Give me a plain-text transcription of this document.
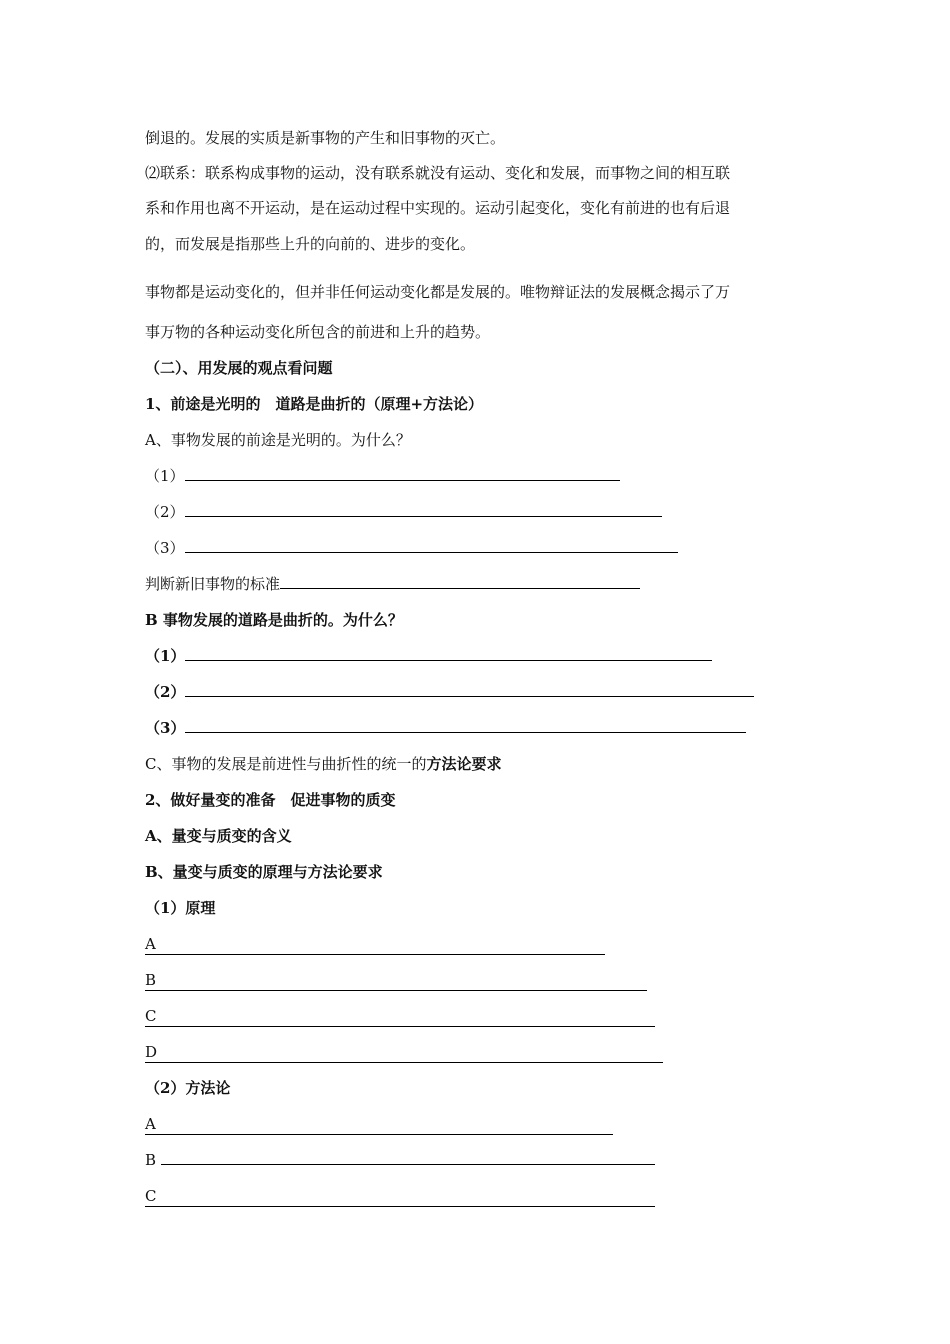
倒退的。发展的实质是新事物的产生和旧事物的灭亡。
⑵联系：联系构成事物的运动，没有联系就没有运动、变化和发展，而事物之间的相互联
系和作用也离不开运动，是在运动过程中实现的。运动引起变化，变化有前进的也有后退
的，而发展是指那些上升的向前的、进步的变化。
事物都是运动变化的，但并非任何运动变化都是发展的。唯物辩证法的发展概念揭示了万
事万物的各种运动变化所包含的前进和上升的趋势。
（二）、用发展的观点看问题
1、前途是光明的　道路是曲折的（原理+方法论）
A、事物发展的前途是光明的。为什么？
（1）
（2）
（3）
判断新旧事物的标准
B 事物发展的道路是曲折的。为什么？
（1）
（2）
（3）
C、事物的发展是前进性与曲折性的统一的方法论要求
2、做好量变的准备　促进事物的质变
A、量变与质变的含义
B、量变与质变的原理与方法论要求
（1）原理
A
B
C
D
（2）方法论
A
B
C
